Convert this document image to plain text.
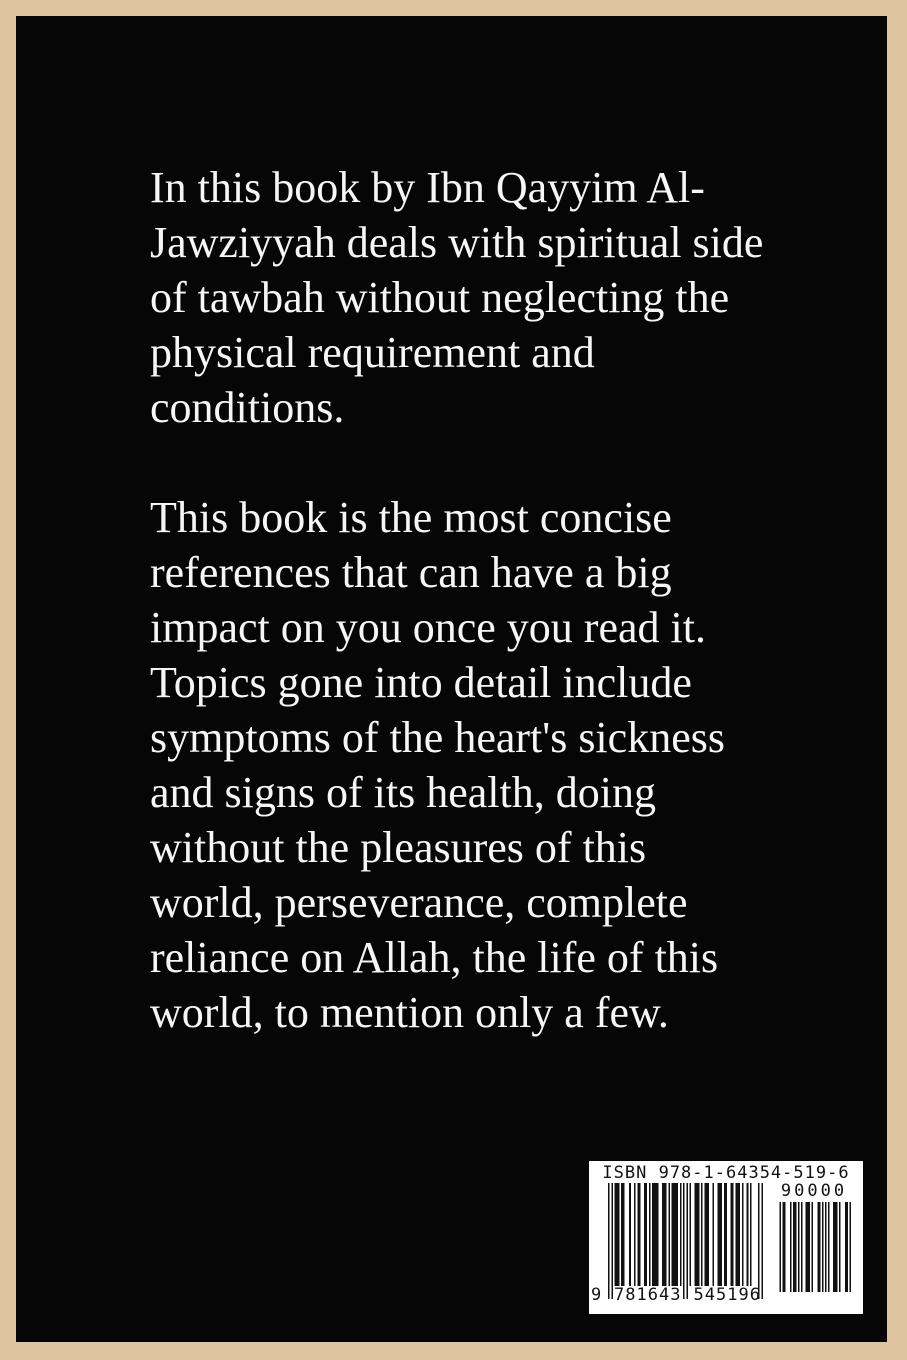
In this book by Ibn Qayyim Al-
Jawziyyah deals with spiritual side
of tawbah without neglecting the
physical requirement and
conditions.

This book is the most concise
references that can have a big
impact on you once you read it.
Topics gone into detail include
symptoms of the heart's sickness
and signs of its health, doing
without the pleasures of this
world, perseverance, complete
reliance on Allah, the life of this
world, to mention only a few.

ISBN 978-1-64354-519-6
90000
9 781643 545196
